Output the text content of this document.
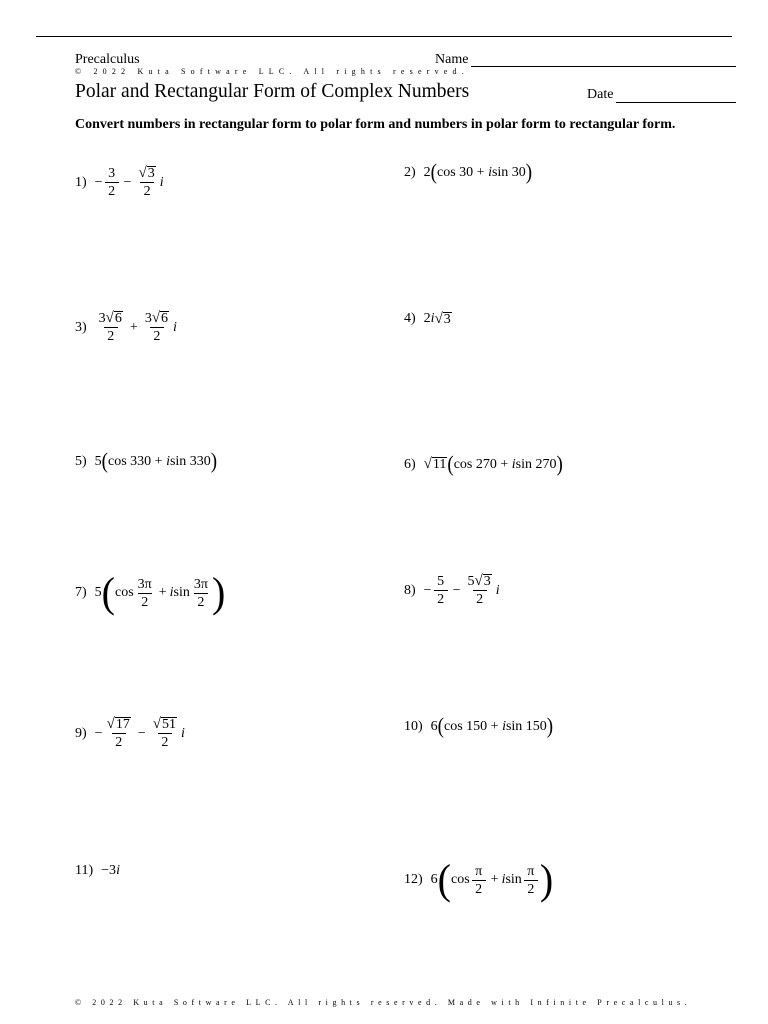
Precalculus	Name
© 2022 Kuta Software LLC. All rights reserved.
Polar and Rectangular Form of Complex Numbers	Date
Convert numbers in rectangular form to polar form and numbers in polar form to rectangular form.
$1) - \frac{3}{2} - \frac{√ 3}{2}$ i
2) 2 ( cos 30 + i sin 30 )
$3) \frac{3 √ 6}{2} + \frac{3 √ 6}{2}$ i
4) 2 i √ 3
5) 5 ( cos 330 + i sin 330 )	6) √ 11 ( cos 270 + i sin 270 )
7) 5 ( $\cos \frac{3\pi}{2} + i$ $\sin \frac{3\pi}{2}$ )	$8) - \frac{5}{2} - \frac{5 √ 3}{2}$ i
$9) - \frac{√ 17}{2} - \frac{√ 51}{2}$ i	10) 6 ( cos 150 + i sin 150 )
11) −3 i
12) 6 ( $\cos \frac{\pi}{2} + i$ $\sin \frac{\pi}{2}$ )
© 2022 Kuta Software LLC. All rights reserved. Made with Infinite Precalculus.
